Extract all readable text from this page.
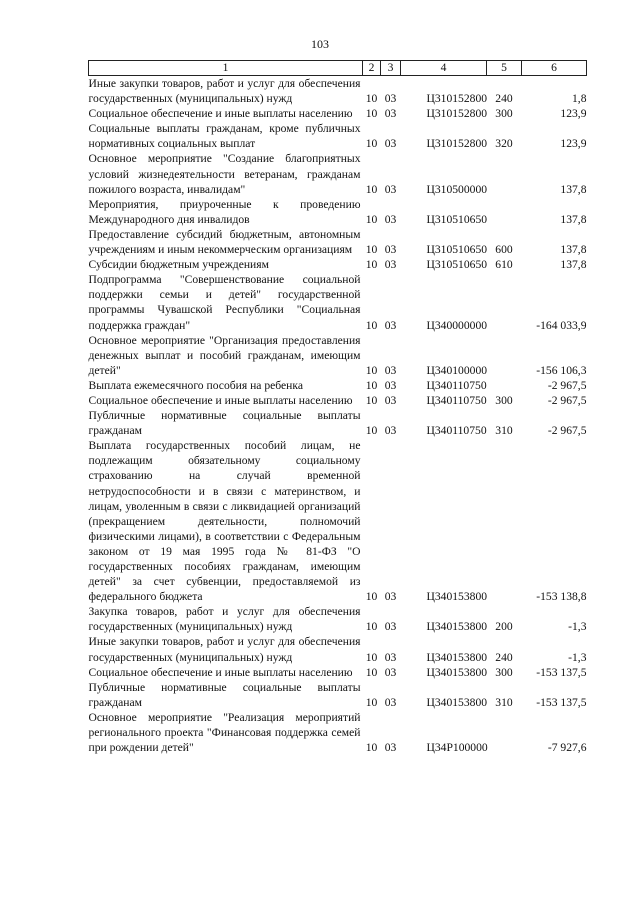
103
1	2	3	4	5	6
Иные закупки товаров, работ и услуг для обеспечения государственных (муниципальных) нужд	10	03	Ц310152800	240	1,8
Социальное обеспечение и иные выплаты населению	10	03	Ц310152800	300	123,9
Социальные выплаты гражданам, кроме публичных нормативных социальных выплат	10	03	Ц310152800	320	123,9
Основное мероприятие "Создание благоприятных условий жизнедеятельности ветеранам, гражданам пожилого возраста, инвалидам"	10	03	Ц310500000		137,8
Мероприятия, приуроченные к проведению Международного дня инвалидов	10	03	Ц310510650		137,8
Предоставление субсидий бюджетным, автономным учреждениям и иным некоммерческим организациям	10	03	Ц310510650	600	137,8
Субсидии бюджетным учреждениям	10	03	Ц310510650	610	137,8
Подпрограмма "Совершенствование социальной поддержки семьи и детей" государственной программы Чувашской Республики "Социальная поддержка граждан"	10	03	Ц340000000		-164 033,9
Основное мероприятие "Организация предоставления денежных выплат и пособий гражданам, имеющим детей"	10	03	Ц340100000		-156 106,3
Выплата ежемесячного пособия на ребенка	10	03	Ц340110750		-2 967,5
Социальное обеспечение и иные выплаты населению	10	03	Ц340110750	300	-2 967,5
Публичные нормативные социальные выплаты гражданам	10	03	Ц340110750	310	-2 967,5
Выплата государственных пособий лицам, не подлежащим обязательному социальному страхованию на случай временной нетрудоспособности и в связи с материнством, и лицам, уволенным в связи с ликвидацией организаций (прекращением деятельности, полномочий физическими лицами), в соответствии с Федеральным законом от 19 мая 1995 года № 81-ФЗ "О государственных пособиях гражданам, имеющим детей" за счет субвенции, предоставляемой из федерального бюджета	10	03	Ц340153800		-153 138,8
Закупка товаров, работ и услуг для обеспечения государственных (муниципальных) нужд	10	03	Ц340153800	200	-1,3
Иные закупки товаров, работ и услуг для обеспечения государственных (муниципальных) нужд	10	03	Ц340153800	240	-1,3
Социальное обеспечение и иные выплаты населению	10	03	Ц340153800	300	-153 137,5
Публичные нормативные социальные выплаты гражданам	10	03	Ц340153800	310	-153 137,5
Основное мероприятие "Реализация мероприятий регионального проекта "Финансовая поддержка семей при рождении детей"	10	03	Ц34Р100000		-7 927,6
